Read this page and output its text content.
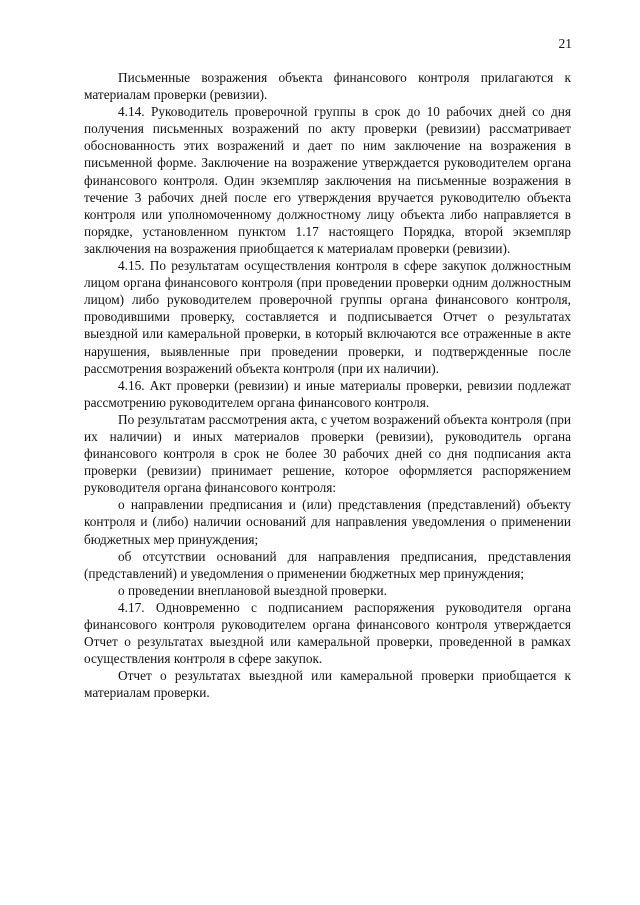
21

Письменные возражения объекта финансового контроля прилагаются к материалам проверки (ревизии).

4.14. Руководитель проверочной группы в срок до 10 рабочих дней со дня получения письменных возражений по акту проверки (ревизии) рассматривает обоснованность этих возражений и дает по ним заключение на возражения в письменной форме. Заключение на возражение утверждается руководителем органа финансового контроля. Один экземпляр заключения на письменные возражения в течение 3 рабочих дней после его утверждения вручается руководителю объекта контроля или уполномоченному должностному лицу объекта либо направляется в порядке, установленном пунктом 1.17 настоящего Порядка, второй экземпляр заключения на возражения приобщается к материалам проверки (ревизии).

4.15. По результатам осуществления контроля в сфере закупок должностным лицом органа финансового контроля (при проведении проверки одним должностным лицом) либо руководителем проверочной группы органа финансового контроля, проводившими проверку, составляется и подписывается Отчет о результатах выездной или камеральной проверки, в который включаются все отраженные в акте нарушения, выявленные при проведении проверки, и подтвержденные после рассмотрения возражений объекта контроля (при их наличии).

4.16. Акт проверки (ревизии) и иные материалы проверки, ревизии подлежат рассмотрению руководителем органа финансового контроля.

По результатам рассмотрения акта, с учетом возражений объекта контроля (при их наличии) и иных материалов проверки (ревизии), руководитель органа финансового контроля в срок не более 30 рабочих дней со дня подписания акта проверки (ревизии) принимает решение, которое оформляется распоряжением руководителя органа финансового контроля:

о направлении предписания и (или) представления (представлений) объекту контроля и (либо) наличии оснований для направления уведомления о применении бюджетных мер принуждения;

об отсутствии оснований для направления предписания, представления (представлений) и уведомления о применении бюджетных мер принуждения;

о проведении внеплановой выездной проверки.

4.17. Одновременно с подписанием распоряжения руководителя органа финансового контроля руководителем органа финансового контроля утверждается Отчет о результатах выездной или камеральной проверки, проведенной в рамках осуществления контроля в сфере закупок.

Отчет о результатах выездной или камеральной проверки приобщается к материалам проверки.
